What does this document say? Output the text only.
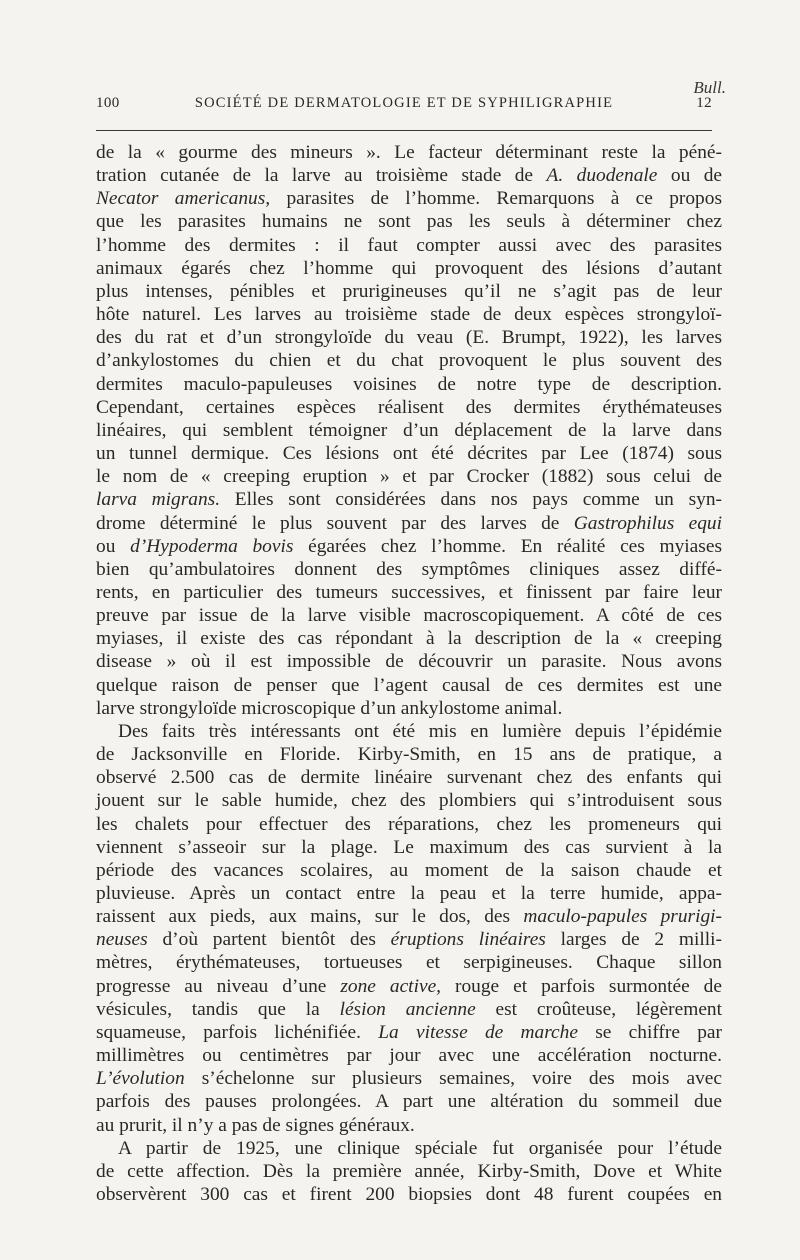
Bull.
100	SOCIÉTÉ DE DERMATOLOGIE ET DE SYPHILIGRAPHIE	12
de la « gourme des mineurs ». Le facteur déterminant reste la péné-
tration cutanée de la larve au troisième stade de A. duodenale ou de
Necator americanus, parasites de l’homme. Remarquons à ce propos
que les parasites humains ne sont pas les seuls à déterminer chez
l’homme des dermites : il faut compter aussi avec des parasites
animaux égarés chez l’homme qui provoquent des lésions d’autant
plus intenses, pénibles et prurigineuses qu’il ne s’agit pas de leur
hôte naturel. Les larves au troisième stade de deux espèces strongyloï-
des du rat et d’un strongyloïde du veau (E. Brumpt, 1922), les larves
d’ankylostomes du chien et du chat provoquent le plus souvent des
dermites maculo-papuleuses voisines de notre type de description.
Cependant, certaines espèces réalisent des dermites érythémateuses
linéaires, qui semblent témoigner d’un déplacement de la larve dans
un tunnel dermique. Ces lésions ont été décrites par Lee (1874) sous
le nom de « creeping eruption » et par Crocker (1882) sous celui de
larva migrans. Elles sont considérées dans nos pays comme un syn-
drome déterminé le plus souvent par des larves de Gastrophilus equi
ou d’Hypoderma bovis égarées chez l’homme. En réalité ces myiases
bien qu’ambulatoires donnent des symptômes cliniques assez diffé-
rents, en particulier des tumeurs successives, et finissent par faire leur
preuve par issue de la larve visible macroscopiquement. A côté de ces
myiases, il existe des cas répondant à la description de la « creeping
disease » où il est impossible de découvrir un parasite. Nous avons
quelque raison de penser que l’agent causal de ces dermites est une
larve strongyloïde microscopique d’un ankylostome animal.
Des faits très intéressants ont été mis en lumière depuis l’épidémie
de Jacksonville en Floride. Kirby-Smith, en 15 ans de pratique, a
observé 2.500 cas de dermite linéaire survenant chez des enfants qui
jouent sur le sable humide, chez des plombiers qui s’introduisent sous
les chalets pour effectuer des réparations, chez les promeneurs qui
viennent s’asseoir sur la plage. Le maximum des cas survient à la
période des vacances scolaires, au moment de la saison chaude et
pluvieuse. Après un contact entre la peau et la terre humide, appa-
raissent aux pieds, aux mains, sur le dos, des maculo-papules prurigi-
neuses d’où partent bientôt des éruptions linéaires larges de 2 milli-
mètres, érythémateuses, tortueuses et serpigineuses. Chaque sillon
progresse au niveau d’une zone active, rouge et parfois surmontée de
vésicules, tandis que la lésion ancienne est croûteuse, légèrement
squameuse, parfois lichénifiée. La vitesse de marche se chiffre par
millimètres ou centimètres par jour avec une accélération nocturne.
L’évolution s’échelonne sur plusieurs semaines, voire des mois avec
parfois des pauses prolongées. A part une altération du sommeil due
au prurit, il n’y a pas de signes généraux.
A partir de 1925, une clinique spéciale fut organisée pour l’étude
de cette affection. Dès la première année, Kirby-Smith, Dove et White
observèrent 300 cas et firent 200 biopsies dont 48 furent coupées en
